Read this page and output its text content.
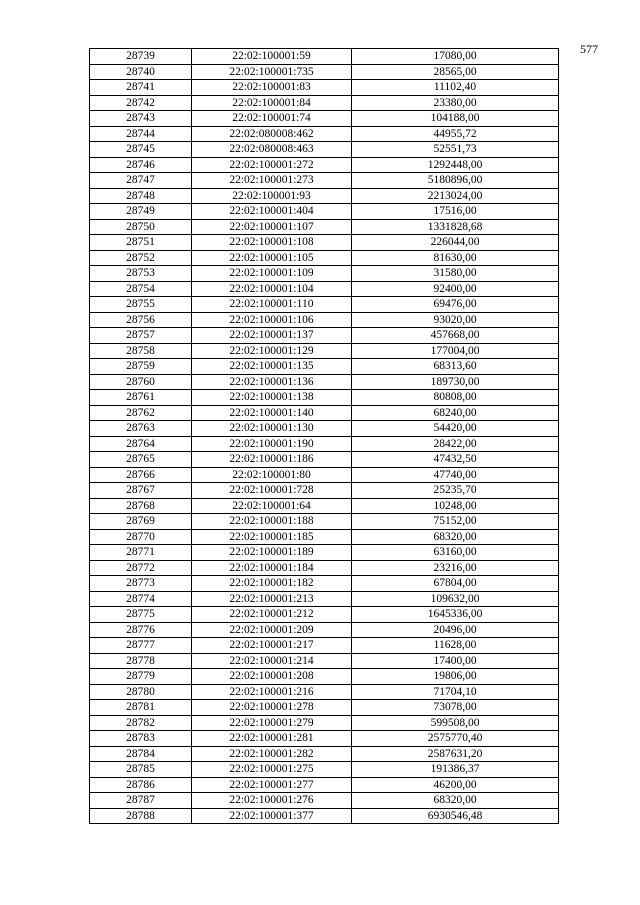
577
28739	22:02:100001:59	17080,00
28740	22:02:100001:735	28565,00
28741	22:02:100001:83	11102,40
28742	22:02:100001:84	23380,00
28743	22:02:100001:74	104188,00
28744	22:02:080008:462	44955,72
28745	22:02:080008:463	52551,73
28746	22:02:100001:272	1292448,00
28747	22:02:100001:273	5180896,00
28748	22:02:100001:93	2213024,00
28749	22:02:100001:404	17516,00
28750	22:02:100001:107	1331828,68
28751	22:02:100001:108	226044,00
28752	22:02:100001:105	81630,00
28753	22:02:100001:109	31580,00
28754	22:02:100001:104	92400,00
28755	22:02:100001:110	69476,00
28756	22:02:100001:106	93020,00
28757	22:02:100001:137	457668,00
28758	22:02:100001:129	177004,00
28759	22:02:100001:135	68313,60
28760	22:02:100001:136	189730,00
28761	22:02:100001:138	80808,00
28762	22:02:100001:140	68240,00
28763	22:02:100001:130	54420,00
28764	22:02:100001:190	28422,00
28765	22:02:100001:186	47432,50
28766	22:02:100001:80	47740,00
28767	22:02:100001:728	25235,70
28768	22:02:100001:64	10248,00
28769	22:02:100001:188	75152,00
28770	22:02:100001:185	68320,00
28771	22:02:100001:189	63160,00
28772	22:02:100001:184	23216,00
28773	22:02:100001:182	67804,00
28774	22:02:100001:213	109632,00
28775	22:02:100001:212	1645336,00
28776	22:02:100001:209	20496,00
28777	22:02:100001:217	11628,00
28778	22:02:100001:214	17400,00
28779	22:02:100001:208	19806,00
28780	22:02:100001:216	71704,10
28781	22:02:100001:278	73078,00
28782	22:02:100001:279	599508,00
28783	22:02:100001:281	2575770,40
28784	22:02:100001:282	2587631,20
28785	22:02:100001:275	191386,37
28786	22:02:100001:277	46200,00
28787	22:02:100001:276	68320,00
28788	22:02:100001:377	6930546,48
